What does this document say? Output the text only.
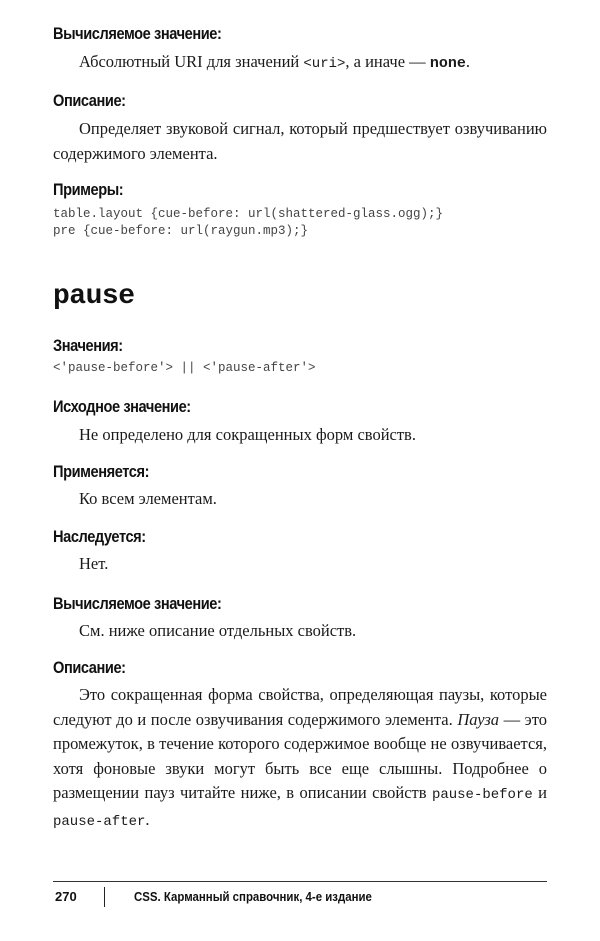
Вычисляемое значение:

Абсолютный URI для значений <uri>, а иначе — none.

Описание:

Определяет звуковой сигнал, который предшествует озвучиванию содержимого элемента.

Примеры:
table.layout {cue-before: url(shattered-glass.ogg);}
pre {cue-before: url(raygun.mp3);}
pause
Значения:

<'pause-before'> || <'pause-after'>

Исходное значение:

Не определено для сокращенных форм свойств.

Применяется:

Ко всем элементам.

Наследуется:

Нет.

Вычисляемое значение:

См. ниже описание отдельных свойств.

Описание:

Это сокращенная форма свойства, определяющая паузы, которые следуют до и после озвучивания содержимого элемента. Пауза — это промежуток, в течение которого содержимое вообще не озвучивается, хотя фоновые звуки могут быть все еще слышны. Подробнее о размещении пауз читайте ниже, в описании свойств pause-before и pause-after.

270	CSS. Карманный справочник, 4-е издание
